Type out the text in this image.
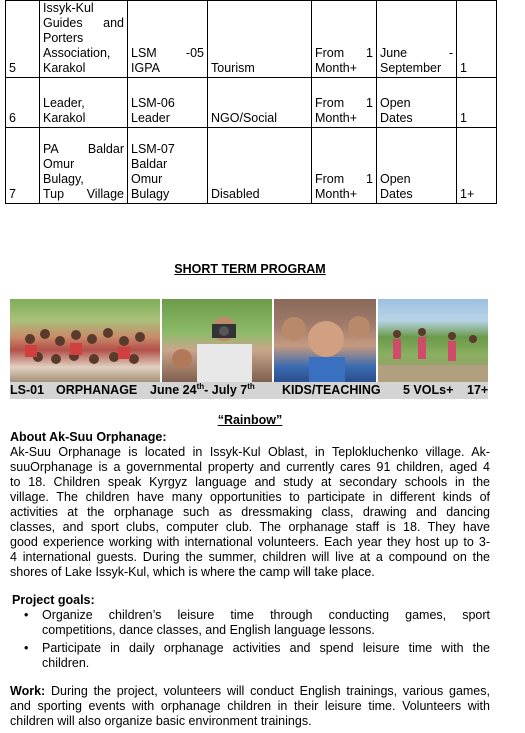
5	Issyk-Kul
Guides and
Porters
Association,
Karakol	LSM -05
IGPA	Tourism	From 1
Month+	June -
September	1
6	Leader,
Karakol	LSM-06
Leader	NGO/Social	From 1
Month+	Open
Dates	1
7	PA Baldar
Omur
Bulagy,
Tup Village	LSM-07
Baldar
Omur
Bulagy	Disabled	From 1
Month+	Open
Dates	1+
SHORT TERM PROGRAM

LS-01

ORPHANAGE

June 24th- July 7th

KIDS/TEACHING

5 VOLs+

17+

“Rainbow”
About Ak-Suu Orphanage:
Ak-Suu Orphanage is located in Issyk-Kul Oblast, in Teplokluchenko village. Ak-
suuOrphanage is a governmental property and currently cares 91 children, aged 4
to 18. Children speak Kyrgyz language and study at secondary schools in the
village. The children have many opportunities to participate in different kinds of
activities at the orphanage such as dressmaking class, drawing and dancing
classes, and sport clubs, computer club. The orphanage staff is 18. They have
good experience working with international volunteers. Each year they host up to 3-
4 international guests. During the summer, children will live at a compound on the
shores of Lake Issyk-Kul, which is where the camp will take place.
Project goals:
• Organize children’s leisure time through conducting games, sport
competitions, dance classes, and English language lessons.
• Participate in daily orphanage activities and spend leisure time with the
children.
Work: During the project, volunteers will conduct English trainings, various games,
and sporting events with orphanage children in their leisure time. Volunteers with
children will also organize basic environment trainings.
